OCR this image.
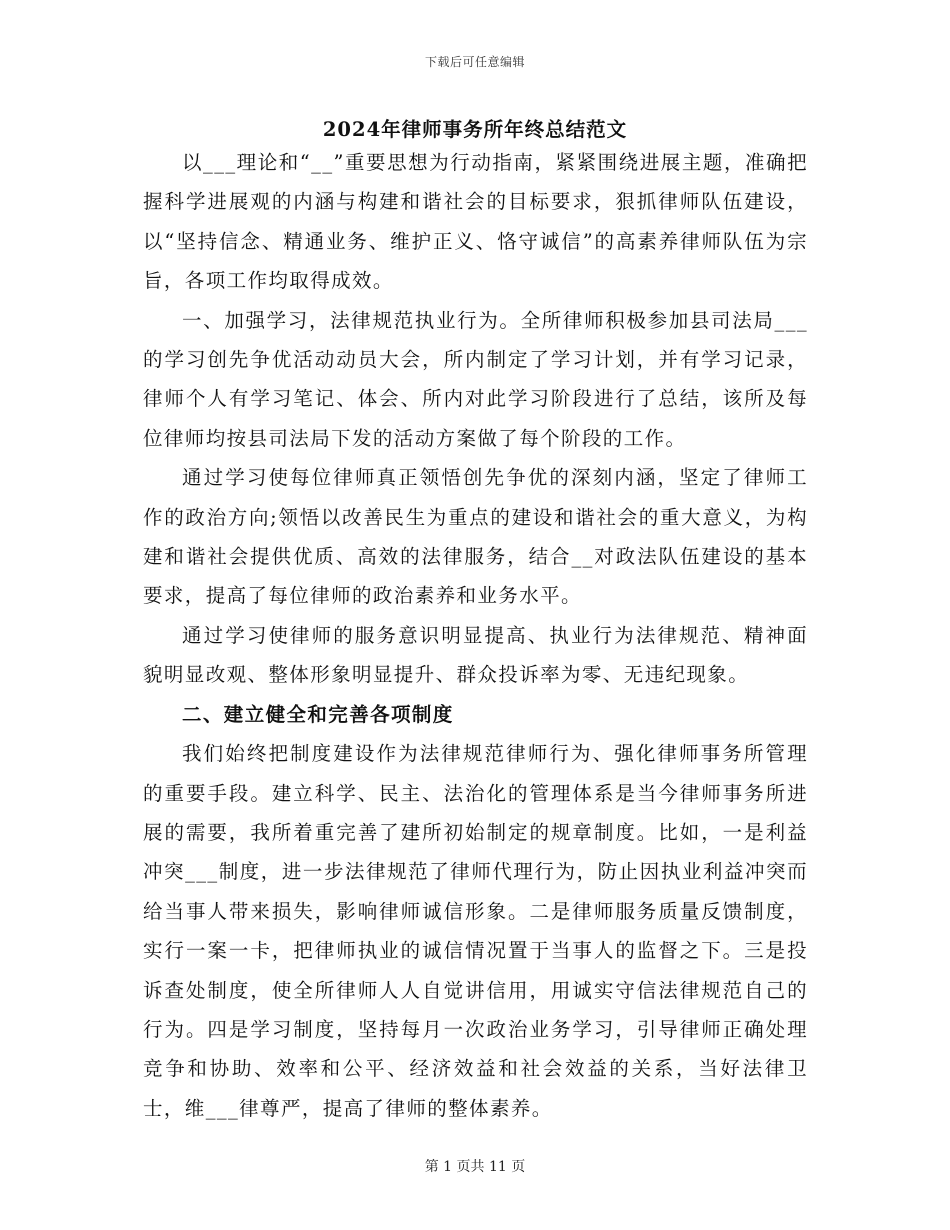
下载后可任意编辑
2024年律师事务所年终总结范文

以___理论和“__”重要思想为行动指南，紧紧围绕进展主题，准确把握科学进展观的内涵与构建和谐社会的目标要求，狠抓律师队伍建设，以“坚持信念、精通业务、维护正义、恪守诚信”的高素养律师队伍为宗旨，各项工作均取得成效。

一、加强学习，法律规范执业行为。全所律师积极参加县司法局___的学习创先争优活动动员大会，所内制定了学习计划，并有学习记录，律师个人有学习笔记、体会、所内对此学习阶段进行了总结，该所及每位律师均按县司法局下发的活动方案做了每个阶段的工作。

通过学习使每位律师真正领悟创先争优的深刻内涵，坚定了律师工作的政治方向;领悟以改善民生为重点的建设和谐社会的重大意义，为构建和谐社会提供优质、高效的法律服务，结合__对政法队伍建设的基本要求，提高了每位律师的政治素养和业务水平。

通过学习使律师的服务意识明显提高、执业行为法律规范、精神面貌明显改观、整体形象明显提升、群众投诉率为零、无违纪现象。

二、建立健全和完善各项制度

我们始终把制度建设作为法律规范律师行为、强化律师事务所管理的重要手段。建立科学、民主、法治化的管理体系是当今律师事务所进展的需要，我所着重完善了建所初始制定的规章制度。比如，一是利益冲突___制度，进一步法律规范了律师代理行为，防止因执业利益冲突而给当事人带来损失，影响律师诚信形象。二是律师服务质量反馈制度，实行一案一卡，把律师执业的诚信情况置于当事人的监督之下。三是投诉查处制度，使全所律师人人自觉讲信用，用诚实守信法律规范自己的行为。四是学习制度，坚持每月一次政治业务学习，引导律师正确处理竞争和协助、效率和公平、经济效益和社会效益的关系，当好法律卫士，维___律尊严，提高了律师的整体素养。

第 1 页共 11 页
